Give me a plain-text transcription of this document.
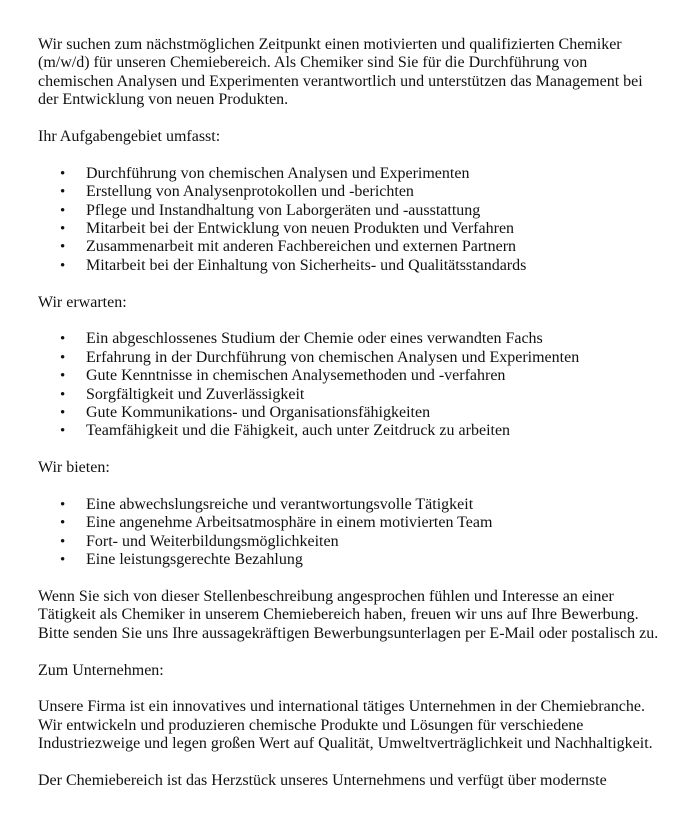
Wir suchen zum nächstmöglichen Zeitpunkt einen motivierten und qualifizierten Chemiker (m/w/d) für unseren Chemiebereich. Als Chemiker sind Sie für die Durchführung von chemischen Analysen und Experimenten verantwortlich und unterstützen das Management bei der Entwicklung von neuen Produkten.

Ihr Aufgabengebiet umfasst:

• Durchführung von chemischen Analysen und Experimenten
• Erstellung von Analysenprotokollen und -berichten
• Pflege und Instandhaltung von Laborgeräten und -ausstattung
• Mitarbeit bei der Entwicklung von neuen Produkten und Verfahren
• Zusammenarbeit mit anderen Fachbereichen und externen Partnern
• Mitarbeit bei der Einhaltung von Sicherheits- und Qualitätsstandards

Wir erwarten:

• Ein abgeschlossenes Studium der Chemie oder eines verwandten Fachs
• Erfahrung in der Durchführung von chemischen Analysen und Experimenten
• Gute Kenntnisse in chemischen Analysemethoden und -verfahren
• Sorgfältigkeit und Zuverlässigkeit
• Gute Kommunikations- und Organisationsfähigkeiten
• Teamfähigkeit und die Fähigkeit, auch unter Zeitdruck zu arbeiten

Wir bieten:

• Eine abwechslungsreiche und verantwortungsvolle Tätigkeit
• Eine angenehme Arbeitsatmosphäre in einem motivierten Team
• Fort- und Weiterbildungsmöglichkeiten
• Eine leistungsgerechte Bezahlung

Wenn Sie sich von dieser Stellenbeschreibung angesprochen fühlen und Interesse an einer Tätigkeit als Chemiker in unserem Chemiebereich haben, freuen wir uns auf Ihre Bewerbung. Bitte senden Sie uns Ihre aussagekräftigen Bewerbungsunterlagen per E-Mail oder postalisch zu.

Zum Unternehmen:

Unsere Firma ist ein innovatives und international tätiges Unternehmen in der Chemiebranche. Wir entwickeln und produzieren chemische Produkte und Lösungen für verschiedene Industriezweige und legen großen Wert auf Qualität, Umweltverträglichkeit und Nachhaltigkeit.

Der Chemiebereich ist das Herzstück unseres Unternehmens und verfügt über modernste
